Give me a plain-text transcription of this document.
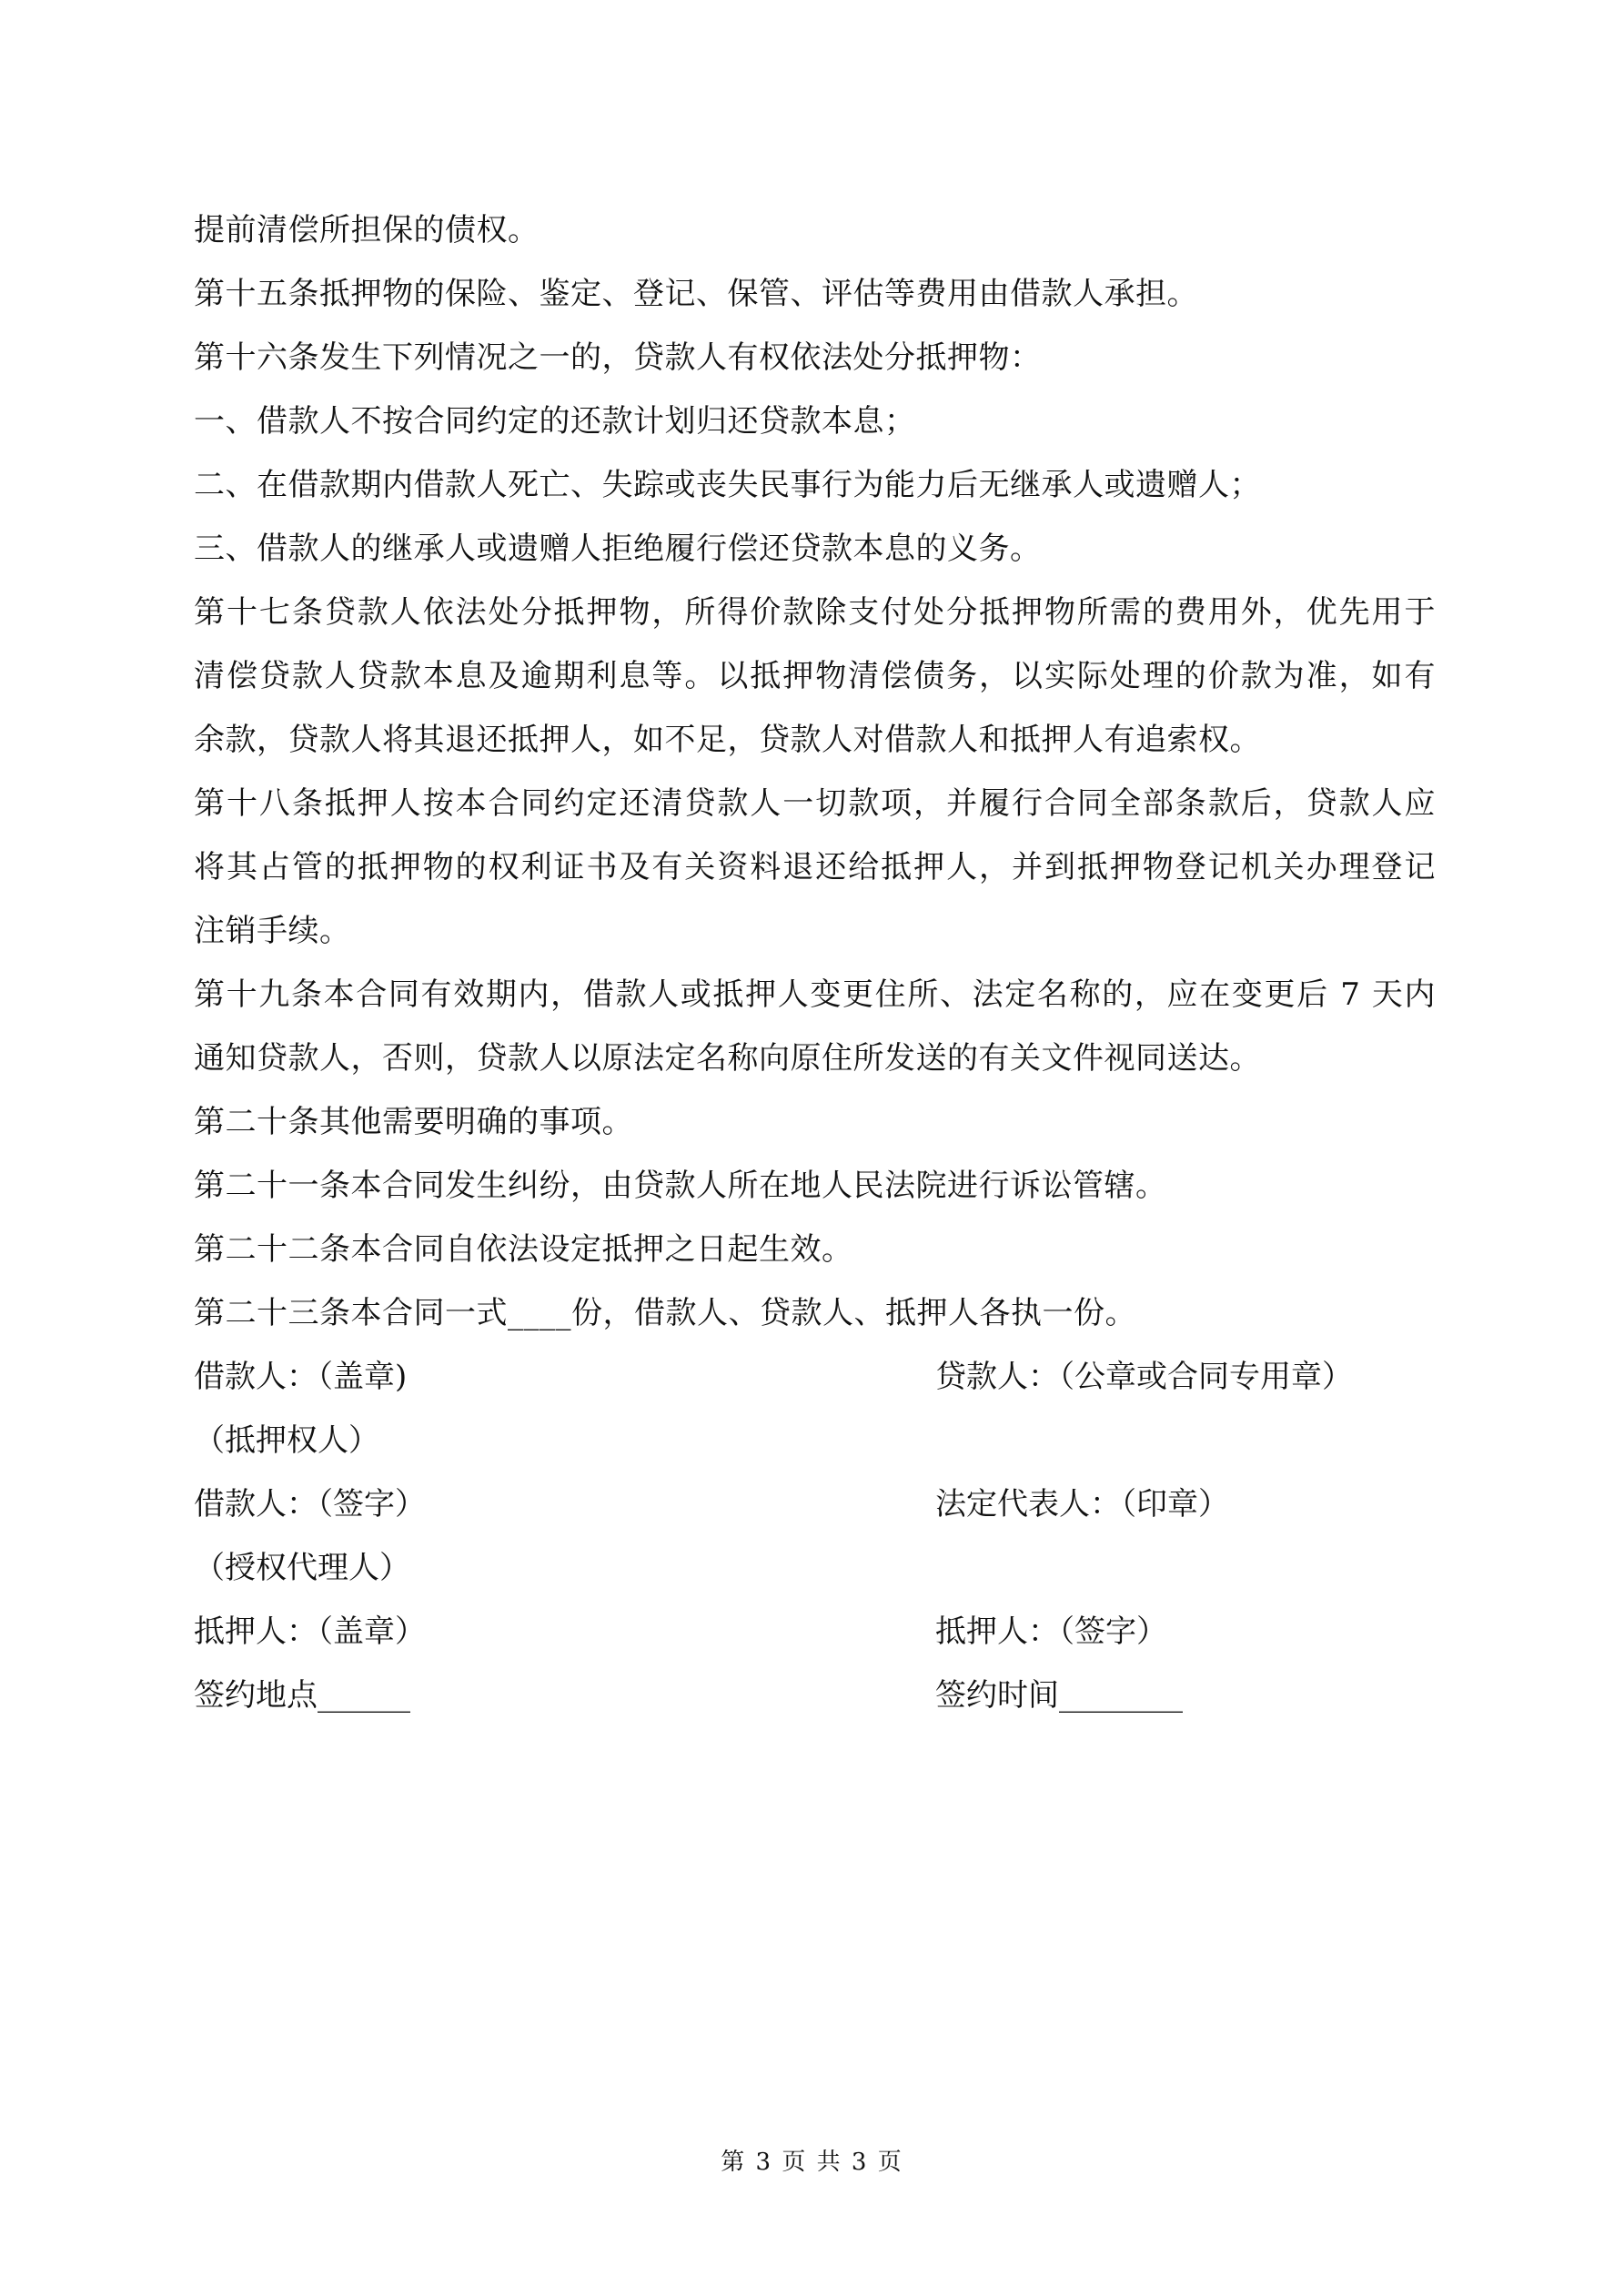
提前清偿所担保的债权。
第十五条抵押物的保险、鉴定、登记、保管、评估等费用由借款人承担。
第十六条发生下列情况之一的，贷款人有权依法处分抵押物：
一、借款人不按合同约定的还款计划归还贷款本息；
二、在借款期内借款人死亡、失踪或丧失民事行为能力后无继承人或遗赠人；
三、借款人的继承人或遗赠人拒绝履行偿还贷款本息的义务。
第十七条贷款人依法处分抵押物，所得价款除支付处分抵押物所需的费用外，优先用于
清偿贷款人贷款本息及逾期利息等。以抵押物清偿债务，以实际处理的价款为准，如有
余款，贷款人将其退还抵押人，如不足，贷款人对借款人和抵押人有追索权。
第十八条抵押人按本合同约定还清贷款人一切款项，并履行合同全部条款后，贷款人应
将其占管的抵押物的权利证书及有关资料退还给抵押人，并到抵押物登记机关办理登记
注销手续。
第十九条本合同有效期内，借款人或抵押人变更住所、法定名称的，应在变更后 7 天内
通知贷款人，否则，贷款人以原法定名称向原住所发送的有关文件视同送达。
第二十条其他需要明确的事项。
第二十一条本合同发生纠纷，由贷款人所在地人民法院进行诉讼管辖。
第二十二条本合同自依法设定抵押之日起生效。
第二十三条本合同一式____份，借款人、贷款人、抵押人各执一份。
借款人：（盖章)	贷款人：（公章或合同专用章）
（抵押权人）
借款人：（签字）	法定代表人：（印章）
（授权代理人）
抵押人：（盖章）	抵押人：（签字）
签约地点______	签约时间________
第 3 页 共 3 页
